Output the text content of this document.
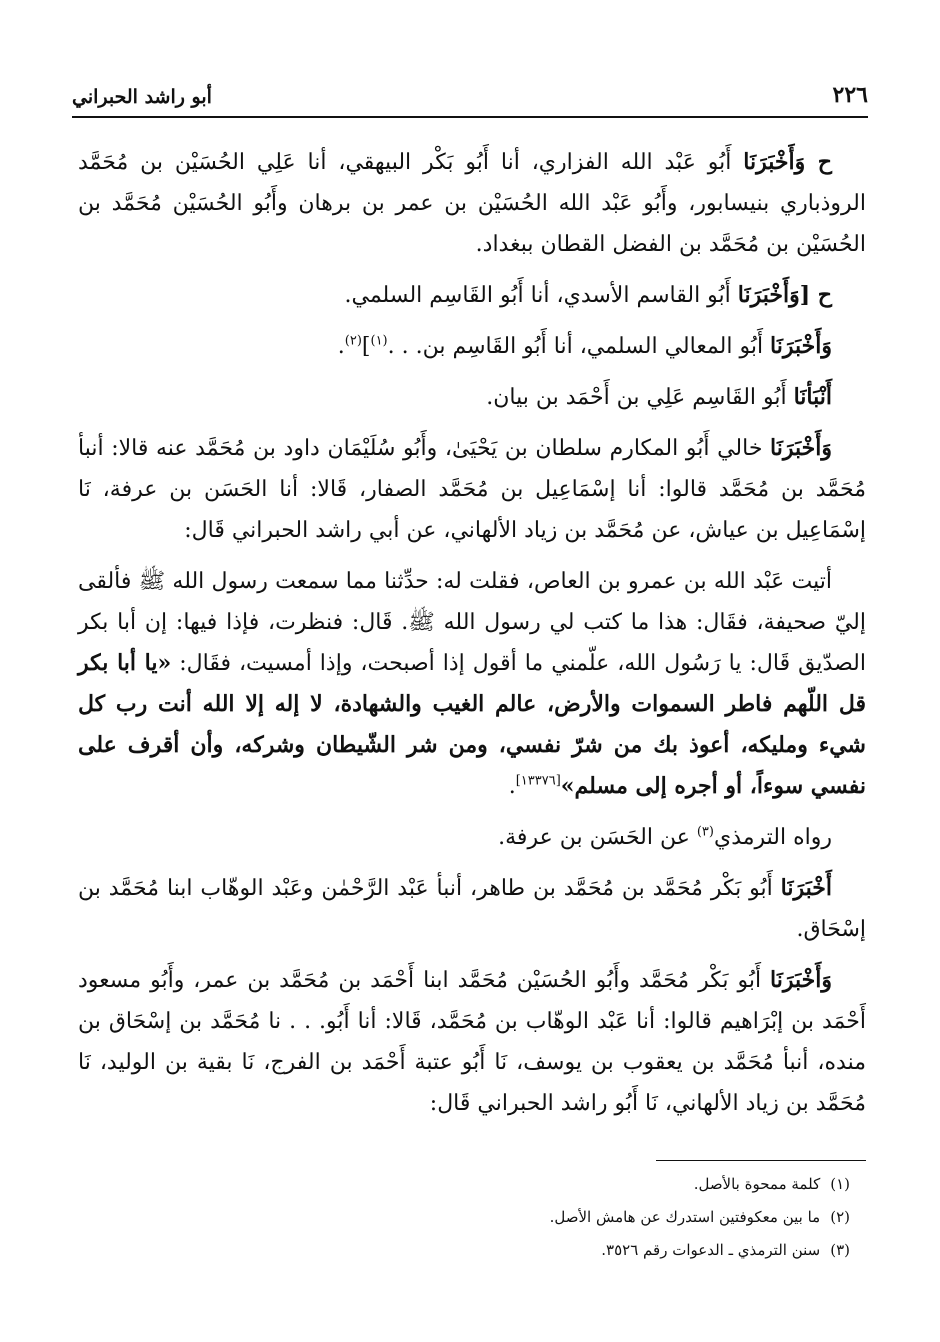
٢٢٦
أبو راشد الحبراني

ح وَأَخْبَرَنَا أَبُو عَبْد الله الفزاري، أنا أَبُو بَكْر البيهقي، أنا عَلِي الحُسَيْن بن مُحَمَّد الروذباري بنيسابور، وأَبُو عَبْد الله الحُسَيْن بن عمر بن برهان وأَبُو الحُسَيْن مُحَمَّد بن الحُسَيْن بن مُحَمَّد بن الفضل القطان ببغداد.

ح [وَأَخْبَرَنَا أَبُو القاسم الأسدي، أنا أَبُو القَاسِم السلمي.

وَأَخْبَرَنَا أَبُو المعالي السلمي، أنا أَبُو القَاسِم بن. . .$^{(١)}$]$^{(٢)}$.

أَنْبَأنَا أَبُو القَاسِم عَلِي بن أَحْمَد بن بيان.

وَأَخْبَرَنَا خالي أَبُو المكارم سلطان بن يَحْيَىٰ، وأَبُو سُلَيْمَان داود بن مُحَمَّد عنه قالا: أنبأ مُحَمَّد بن مُحَمَّد قالوا: أنا إسْمَاعِيل بن مُحَمَّد الصفار، قَالا: أنا الحَسَن بن عرفة، نَا إسْمَاعِيل بن عياش، عن مُحَمَّد بن زياد الألهاني، عن أبي راشد الحبراني قَال:

أتيت عَبْد الله بن عمرو بن العاص، فقلت له: حدِّثنا مما سمعت رسول الله ﷺ فألقى إليّ صحيفة، فقَال: هذا ما كتب لي رسول الله ﷺ. قَال: فنظرت، فإذا فيها: إن أبا بكر الصدّيق قَال: يا رَسُول الله، علّمني ما أقول إذا أصبحت، وإذا أمسيت، فقَال: «يا أبا بكر قل اللّهم فاطر السموات والأرض، عالم الغيب والشهادة، لا إله إلا الله أنت رب كل شيء ومليكه، أعوذ بك من شرّ نفسي، ومن شر الشّيطان وشركه، وأن أقرف على نفسي سوءاً، أو أجره إلى مسلم»[١٣٣٧٦].

رواه الترمذي$^{(٣)}$ عن الحَسَن بن عرفة.

أَخْبَرَنَا أَبُو بَكْر مُحَمَّد بن مُحَمَّد بن طاهر، أنبأ عَبْد الرَّحْمٰن وعَبْد الوهّاب ابنا مُحَمَّد بن إسْحَاق.

وَأَخْبَرَنَا أَبُو بَكْر مُحَمَّد وأَبُو الحُسَيْن مُحَمَّد ابنا أَحْمَد بن مُحَمَّد بن عمر، وأَبُو مسعود أَحْمَد بن إبْرَاهيم قالوا: أنا عَبْد الوهّاب بن مُحَمَّد، قَالا: أنا أَبُو. . . نا مُحَمَّد بن إسْحَاق بن منده، أنبأ مُحَمَّد بن يعقوب بن يوسف، نَا أَبُو عتبة أَحْمَد بن الفرج، نَا بقية بن الوليد، نَا مُحَمَّد بن زياد الألهاني، نَا أَبُو راشد الحبراني قَال:

(١)كلمة ممحوة بالأصل.

(٢)ما بين معكوفتين استدرك عن هامش الأصل.

(٣)سنن الترمذي ـ الدعوات رقم ٣٥٢٦.
